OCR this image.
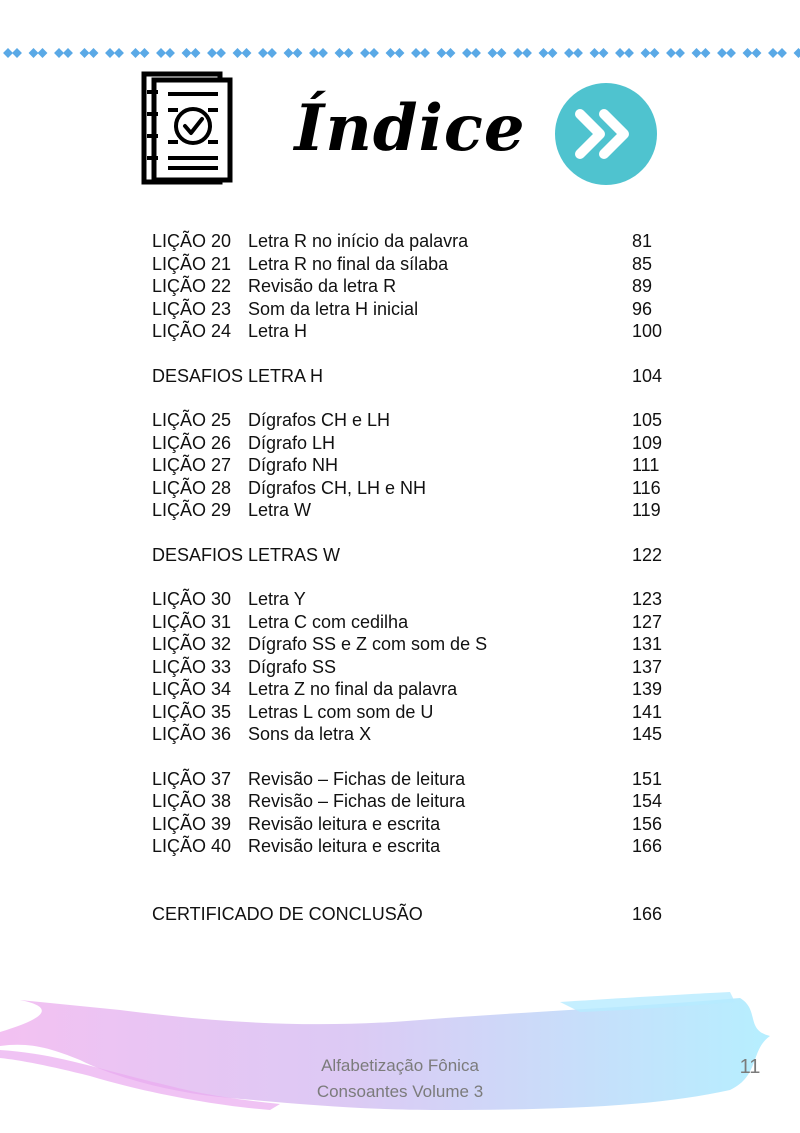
Índice
LIÇÃO 20 Letra R no início da palavra	81
LIÇÃO 21 Letra R no final da sílaba	85
LIÇÃO 22 Revisão da letra R	89
LIÇÃO 23 Som da letra H inicial	96
LIÇÃO 24 Letra H	100
DESAFIOS LETRA H	104
LIÇÃO 25 Dígrafos CH e LH	105
LIÇÃO 26 Dígrafo LH	109
LIÇÃO 27 Dígrafo NH	111
LIÇÃO 28 Dígrafos CH, LH e NH	116
LIÇÃO 29 Letra W	119
DESAFIOS LETRAS W	122
LIÇÃO 30 Letra Y	123
LIÇÃO 31 Letra C com cedilha	127
LIÇÃO 32 Dígrafo SS e Z com som de S	131
LIÇÃO 33 Dígrafo SS	137
LIÇÃO 34 Letra Z no final da palavra	139
LIÇÃO 35 Letras L com som de U	141
LIÇÃO 36 Sons da letra X	145
LIÇÃO 37 Revisão – Fichas de leitura	151
LIÇÃO 38 Revisão – Fichas de leitura	154
LIÇÃO 39 Revisão leitura e escrita	156
LIÇÃO 40 Revisão leitura e escrita	166
CERTIFICADO DE CONCLUSÃO	166
Alfabetização Fônica
Consoantes Volume 3
11
